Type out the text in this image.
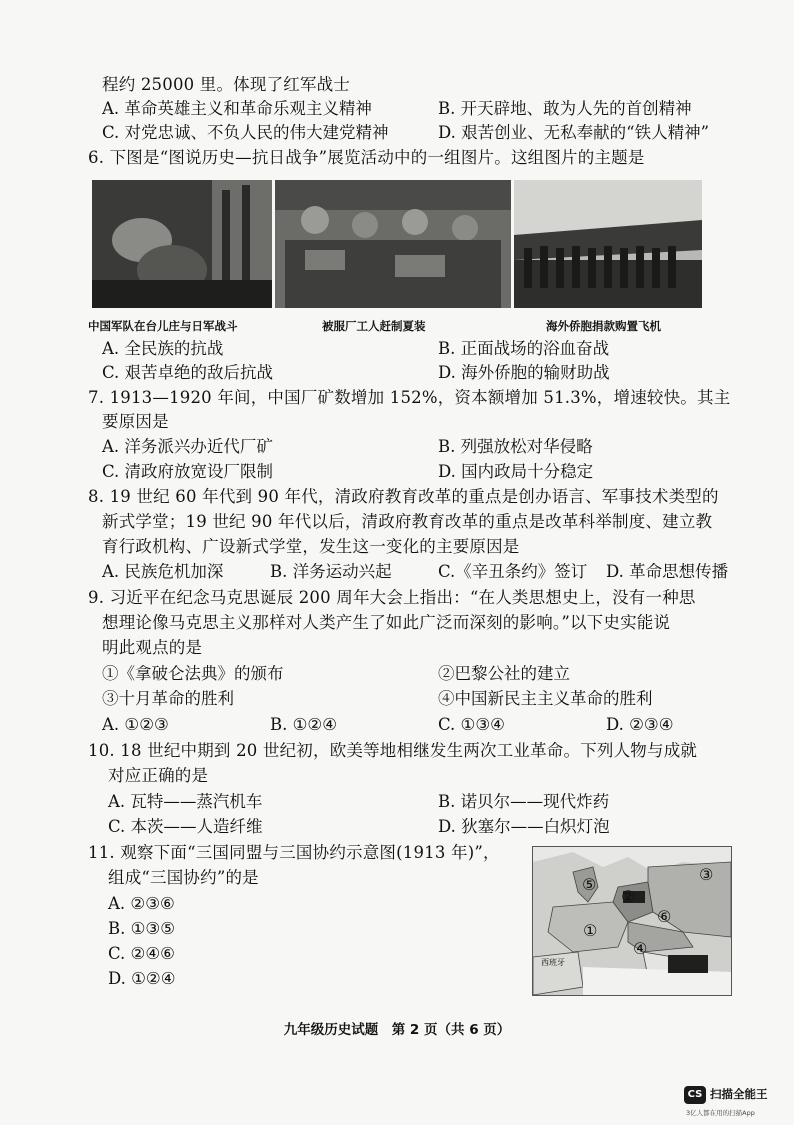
程约 25000 里。体现了红军战士
A. 革命英雄主义和革命乐观主义精神	B. 开天辟地、敢为人先的首创精神
C. 对党忠诚、不负人民的伟大建党精神	D. 艰苦创业、无私奉献的“铁人精神”
6. 下图是“图说历史—抗日战争”展览活动中的一组图片。这组图片的主题是
中国军队在台儿庄与日军战斗	被服厂工人赶制夏装	海外侨胞捐款购置飞机
A. 全民族的抗战	B. 正面战场的浴血奋战
C. 艰苦卓绝的敌后抗战	D. 海外侨胞的输财助战
7. 1913—1920 年间，中国厂矿数增加 152%，资本额增加 51.3%，增速较快。其主
要原因是
A. 洋务派兴办近代厂矿	B. 列强放松对华侵略
C. 清政府放宽设厂限制	D. 国内政局十分稳定
8. 19 世纪 60 年代到 90 年代，清政府教育改革的重点是创办语言、军事技术类型的
新式学堂；19 世纪 90 年代以后，清政府教育改革的重点是改革科举制度、建立教
育行政机构、广设新式学堂，发生这一变化的主要原因是
A. 民族危机加深	B. 洋务运动兴起	C.《辛丑条约》签订 D. 革命思想传播
9. 习近平在纪念马克思诞辰 200 周年大会上指出：“在人类思想史上，没有一种思
想理论像马克思主义那样对人类产生了如此广泛而深刻的影响。”以下史实能说
明此观点的是
①《拿破仑法典》的颁布	②巴黎公社的建立
③十月革命的胜利	④中国新民主主义革命的胜利
A. ①②③	B. ①②④	C. ①③④	D. ②③④
10. 18 世纪中期到 20 世纪初，欧美等地相继发生两次工业革命。下列人物与成就
对应正确的是
A. 瓦特——蒸汽机车	B. 诺贝尔——现代炸药
C. 本茨——人造纤维	D. 狄塞尔——白炽灯泡
11. 观察下面“三国同盟与三国协约示意图(1913 年)”，
组成“三国协约”的是
A. ②③⑥
B. ①③⑤
C. ②④⑥
D. ①②④
⑤
②
③
⑥
①
④
西班牙
九年级历史试题　第 2 页（共 6 页）
CS 扫描全能王
3亿人都在用的扫描App
